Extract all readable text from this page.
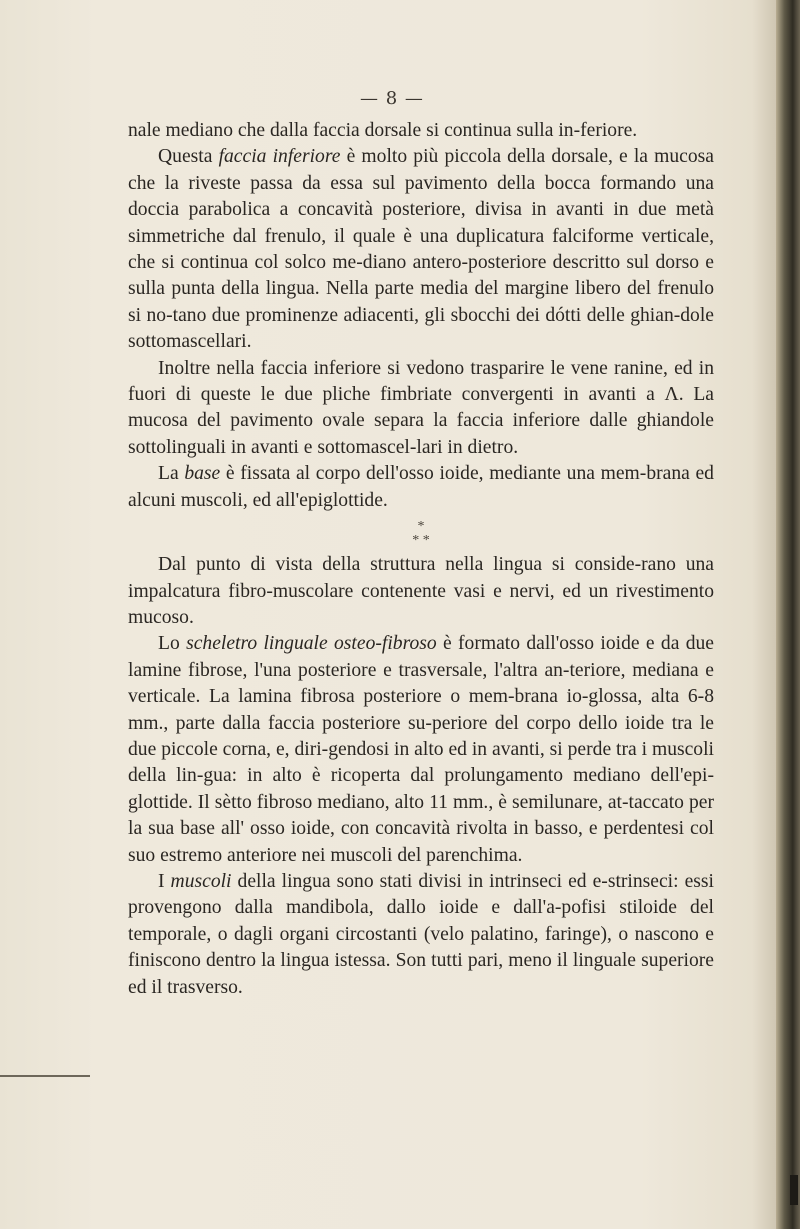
— 8 —

nale mediano che dalla faccia dorsale si continua sulla in-feriore.

Questa faccia inferiore è molto più piccola della dorsale, e la mucosa che la riveste passa da essa sul pavimento della bocca formando una doccia parabolica a concavità posteriore, divisa in avanti in due metà simmetriche dal frenulo, il quale è una duplicatura falciforme verticale, che si continua col solco me-diano antero-posteriore descritto sul dorso e sulla punta della lingua. Nella parte media del margine libero del frenulo si no-tano due prominenze adiacenti, gli sbocchi dei dótti delle ghian-dole sottomascellari.

Inoltre nella faccia inferiore si vedono trasparire le vene ranine, ed in fuori di queste le due pliche fimbriate convergenti in avanti a Λ. La mucosa del pavimento ovale separa la faccia inferiore dalle ghiandole sottolinguali in avanti e sottomascel-lari in dietro.

La base è fissata al corpo dell'osso ioide, mediante una mem-brana ed alcuni muscoli, ed all'epiglottide.

*
* *

Dal punto di vista della struttura nella lingua si conside-rano una impalcatura fibro-muscolare contenente vasi e nervi, ed un rivestimento mucoso.

Lo scheletro linguale osteo-fibroso è formato dall'osso ioide e da due lamine fibrose, l'una posteriore e trasversale, l'altra an-teriore, mediana e verticale. La lamina fibrosa posteriore o mem-brana io-glossa, alta 6-8 mm., parte dalla faccia posteriore su-periore del corpo dello ioide tra le due piccole corna, e, diri-gendosi in alto ed in avanti, si perde tra i muscoli della lin-gua: in alto è ricoperta dal prolungamento mediano dell'epi-glottide. Il sètto fibroso mediano, alto 11 mm., è semilunare, at-taccato per la sua base all' osso ioide, con concavità rivolta in basso, e perdentesi col suo estremo anteriore nei muscoli del parenchima.

I muscoli della lingua sono stati divisi in intrinseci ed e-strinseci: essi provengono dalla mandibola, dallo ioide e dall'a-pofisi stiloide del temporale, o dagli organi circostanti (velo palatino, faringe), o nascono e finiscono dentro la lingua istessa. Son tutti pari, meno il linguale superiore ed il trasverso.
